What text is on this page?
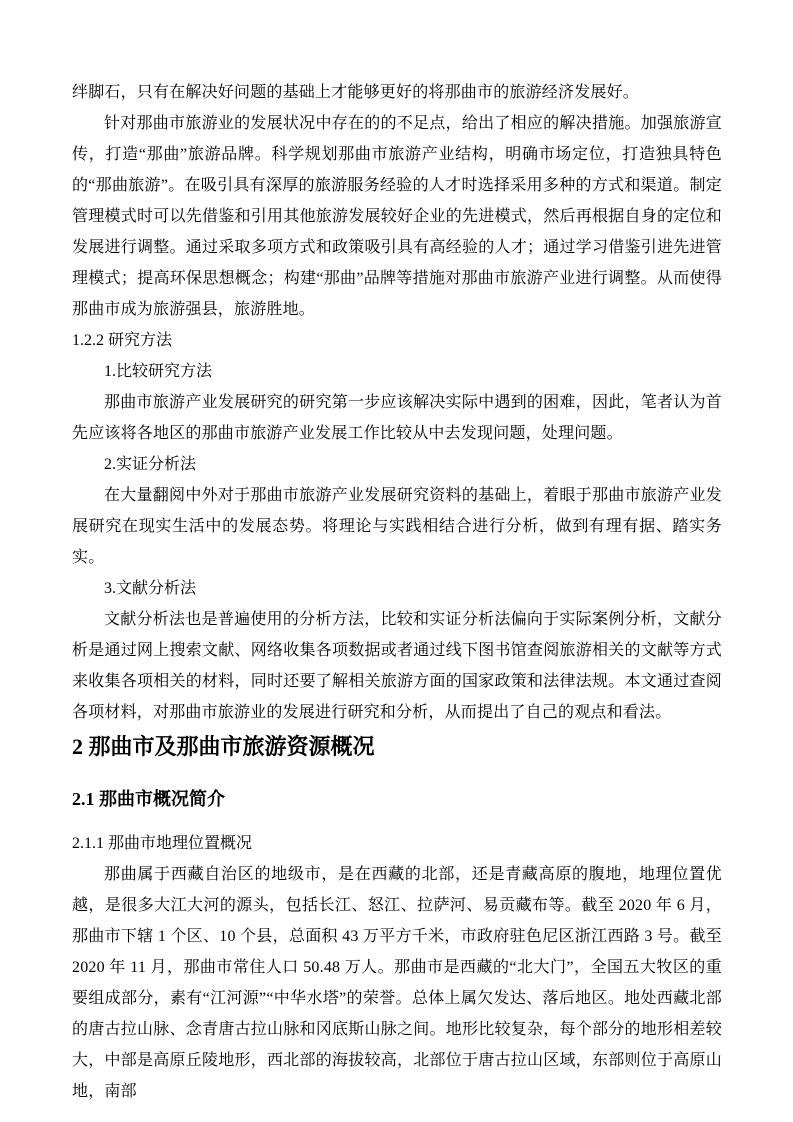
绊脚石，只有在解决好问题的基础上才能够更好的将那曲市的旅游经济发展好。

针对那曲市旅游业的发展状况中存在的的不足点，给出了相应的解决措施。加强旅游宣传，打造“那曲”旅游品牌。科学规划那曲市旅游产业结构，明确市场定位，打造独具特色的“那曲旅游”。在吸引具有深厚的旅游服务经验的人才时选择采用多种的方式和渠道。制定管理模式时可以先借鉴和引用其他旅游发展较好企业的先进模式，然后再根据自身的定位和发展进行调整。通过采取多项方式和政策吸引具有高经验的人才；通过学习借鉴引进先进管理模式；提高环保思想概念；构建“那曲”品牌等措施对那曲市旅游产业进行调整。从而使得那曲市成为旅游强县，旅游胜地。

1.2.2 研究方法

1.比较研究方法

那曲市旅游产业发展研究的研究第一步应该解决实际中遇到的困难，因此，笔者认为首先应该将各地区的那曲市旅游产业发展工作比较从中去发现问题，处理问题。

2.实证分析法

在大量翻阅中外对于那曲市旅游产业发展研究资料的基础上，着眼于那曲市旅游产业发展研究在现实生活中的发展态势。将理论与实践相结合进行分析，做到有理有据、踏实务实。

3.文献分析法

文献分析法也是普遍使用的分析方法，比较和实证分析法偏向于实际案例分析，文献分析是通过网上搜索文献、网络收集各项数据或者通过线下图书馆查阅旅游相关的文献等方式来收集各项相关的材料，同时还要了解相关旅游方面的国家政策和法律法规。本文通过查阅各项材料，对那曲市旅游业的发展进行研究和分析，从而提出了自己的观点和看法。

2 那曲市及那曲市旅游资源概况

2.1 那曲市概况简介

2.1.1 那曲市地理位置概况

那曲属于西藏自治区的地级市，是在西藏的北部，还是青藏高原的腹地，地理位置优越，是很多大江大河的源头，包括长江、怒江、拉萨河、易贡藏布等。截至 2020 年 6 月，那曲市下辖 1 个区、10 个县，总面积 43 万平方千米，市政府驻色尼区浙江西路 3 号。截至 2020 年 11 月，那曲市常住人口 50.48 万人。那曲市是西藏的“北大门”，全国五大牧区的重要组成部分，素有“江河源”“中华水塔”的荣誉。总体上属欠发达、落后地区。地处西藏北部的唐古拉山脉、念青唐古拉山脉和冈底斯山脉之间。地形比较复杂，每个部分的地形相差较大，中部是高原丘陵地形，西北部的海拔较高，北部位于唐古拉山区域，东部则位于高原山地，南部
